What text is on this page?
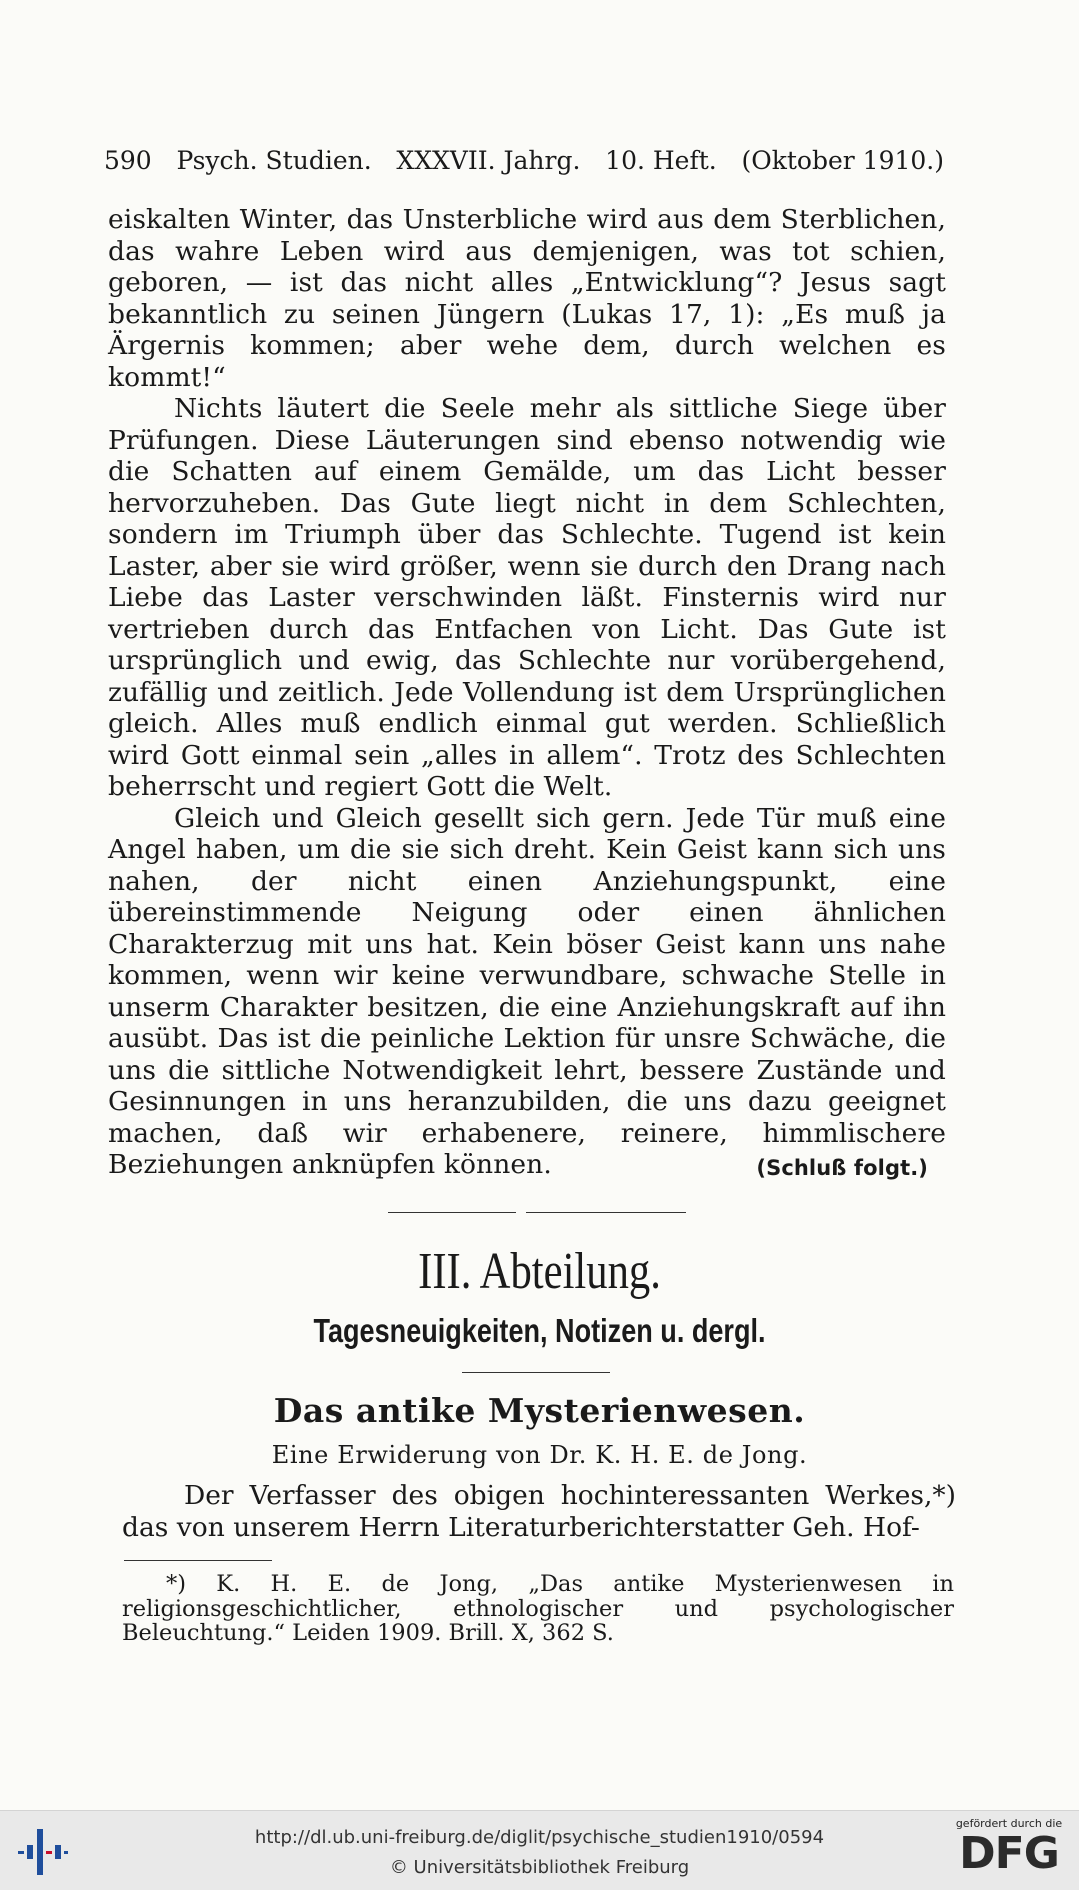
590 Psych. Studien. XXXVII. Jahrg. 10. Heft. (Oktober 1910.)

eiskalten Winter, das Unsterbliche wird aus dem Sterblichen, das wahre Leben wird aus demjenigen, was tot schien, geboren, — ist das nicht alles „Entwicklung“? Jesus sagt bekanntlich zu seinen Jüngern (Lukas 17, 1): „Es muß ja Ärgernis kommen; aber wehe dem, durch welchen es kommt!“

Nichts läutert die Seele mehr als sittliche Siege über Prüfungen. Diese Läuterungen sind ebenso notwendig wie die Schatten auf einem Gemälde, um das Licht besser hervorzuheben. Das Gute liegt nicht in dem Schlechten, sondern im Triumph über das Schlechte. Tugend ist kein Laster, aber sie wird größer, wenn sie durch den Drang nach Liebe das Laster verschwinden läßt. Finsternis wird nur vertrieben durch das Entfachen von Licht. Das Gute ist ursprünglich und ewig, das Schlechte nur vorübergehend, zufällig und zeitlich. Jede Vollendung ist dem Ursprünglichen gleich. Alles muß endlich einmal gut werden. Schließlich wird Gott einmal sein „alles in allem“. Trotz des Schlechten beherrscht und regiert Gott die Welt.

Gleich und Gleich gesellt sich gern. Jede Tür muß eine Angel haben, um die sie sich dreht. Kein Geist kann sich uns nahen, der nicht einen Anziehungspunkt, eine übereinstimmende Neigung oder einen ähnlichen Charakterzug mit uns hat. Kein böser Geist kann uns nahe kommen, wenn wir keine verwundbare, schwache Stelle in unserm Charakter besitzen, die eine Anziehungskraft auf ihn ausübt. Das ist die peinliche Lektion für unsre Schwäche, die uns die sittliche Notwendigkeit lehrt, bessere Zustände und Gesinnungen in uns heranzubilden, die uns dazu geeignet machen, daß wir erhabenere, reinere, himmlischere Beziehungen anknüpfen können.	(Schluß folgt.)

III. Abteilung.
Tagesneuigkeiten, Notizen u. dergl.
Das antike Mysterienwesen.
Eine Erwiderung von Dr. K. H. E. de Jong.

Der Verfasser des obigen hochinteressanten Werkes,*) das von unserem Herrn Literaturberichterstatter Geh. Hof-

*) K. H. E. de Jong, „Das antike Mysterienwesen in religionsgeschichtlicher, ethnologischer und psychologischer Beleuchtung.“ Leiden 1909. Brill. X, 362 S.

http://dl.ub.uni-freiburg.de/diglit/psychische_studien1910/0594
© Universitätsbibliothek Freiburg
gefördert durch die
DFG
